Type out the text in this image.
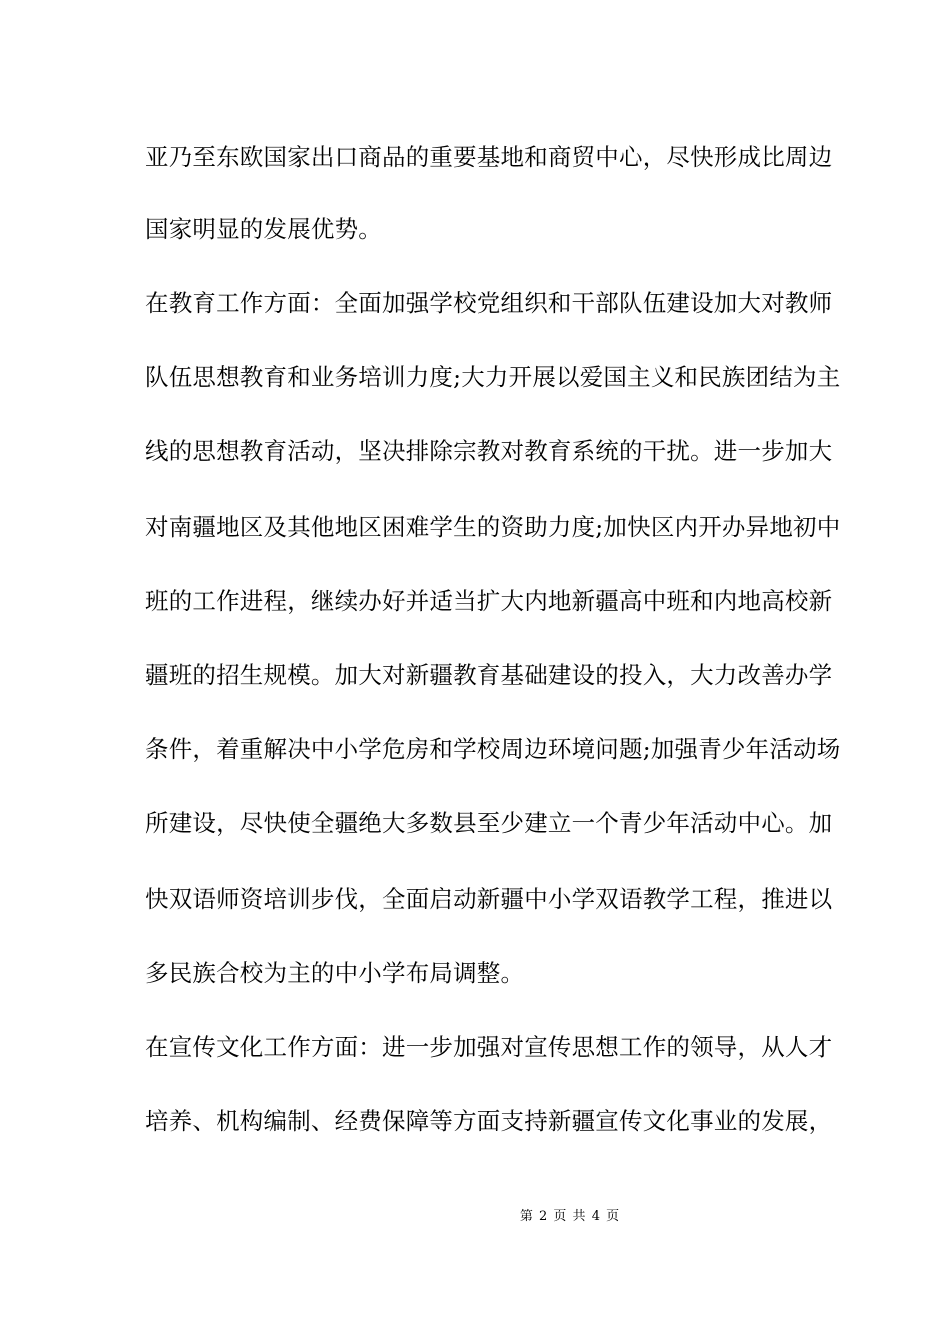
亚乃至东欧国家出口商品的重要基地和商贸中心，尽快形成比周边
国家明显的发展优势。
在教育工作方面：全面加强学校党组织和干部队伍建设加大对教师
队伍思想教育和业务培训力度;大力开展以爱国主义和民族团结为主
线的思想教育活动，坚决排除宗教对教育系统的干扰。进一步加大
对南疆地区及其他地区困难学生的资助力度;加快区内开办异地初中
班的工作进程，继续办好并适当扩大内地新疆高中班和内地高校新
疆班的招生规模。加大对新疆教育基础建设的投入，大力改善办学
条件，着重解决中小学危房和学校周边环境问题;加强青少年活动场
所建设，尽快使全疆绝大多数县至少建立一个青少年活动中心。加
快双语师资培训步伐，全面启动新疆中小学双语教学工程，推进以
多民族合校为主的中小学布局调整。
在宣传文化工作方面：进一步加强对宣传思想工作的领导，从人才
培养、机构编制、经费保障等方面支持新疆宣传文化事业的发展，
第 2 页 共 4 页
